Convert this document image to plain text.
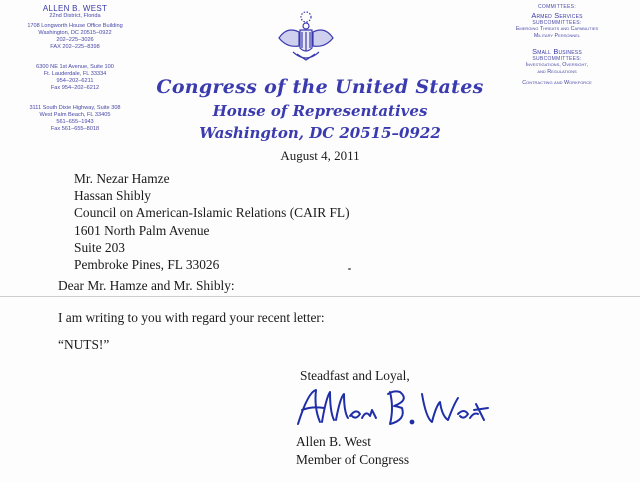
ALLEN B. WEST
22nd District, Florida
1708 Longworth House Office Building
Washington, DC 20515–0922
202–225–3026
FAX 202–225–8398
6300 NE 1st Avenue, Suite 100
Ft. Lauderdale, FL 33334
954–202–6211
Fax 954–202–6212
3111 South Dixie Highway, Suite 308
West Palm Beach, FL 33405
561–655–1943
Fax 561–655–8018
COMMITTEES:
Armed Services
SUBCOMMITTEES:
Emerging Threats and Capabilities
Military Personnel
Small Business
SUBCOMMITTEES:
Investigations, Oversight,
and Regulations
Contracting and Workforce
Congress of the United States
House of Representatives
Washington, DC 20515–0922
August 4, 2011
Mr. Nezar Hamze
Hassan Shibly
Council on American-Islamic Relations (CAIR FL)
1601 North Palm Avenue
Suite 203
Pembroke Pines, FL 33026
Dear Mr. Hamze and Mr. Shibly:
I am writing to you with regard your recent letter:
“NUTS!”
Steadfast and Loyal,
Allen B. West
Member of Congress
